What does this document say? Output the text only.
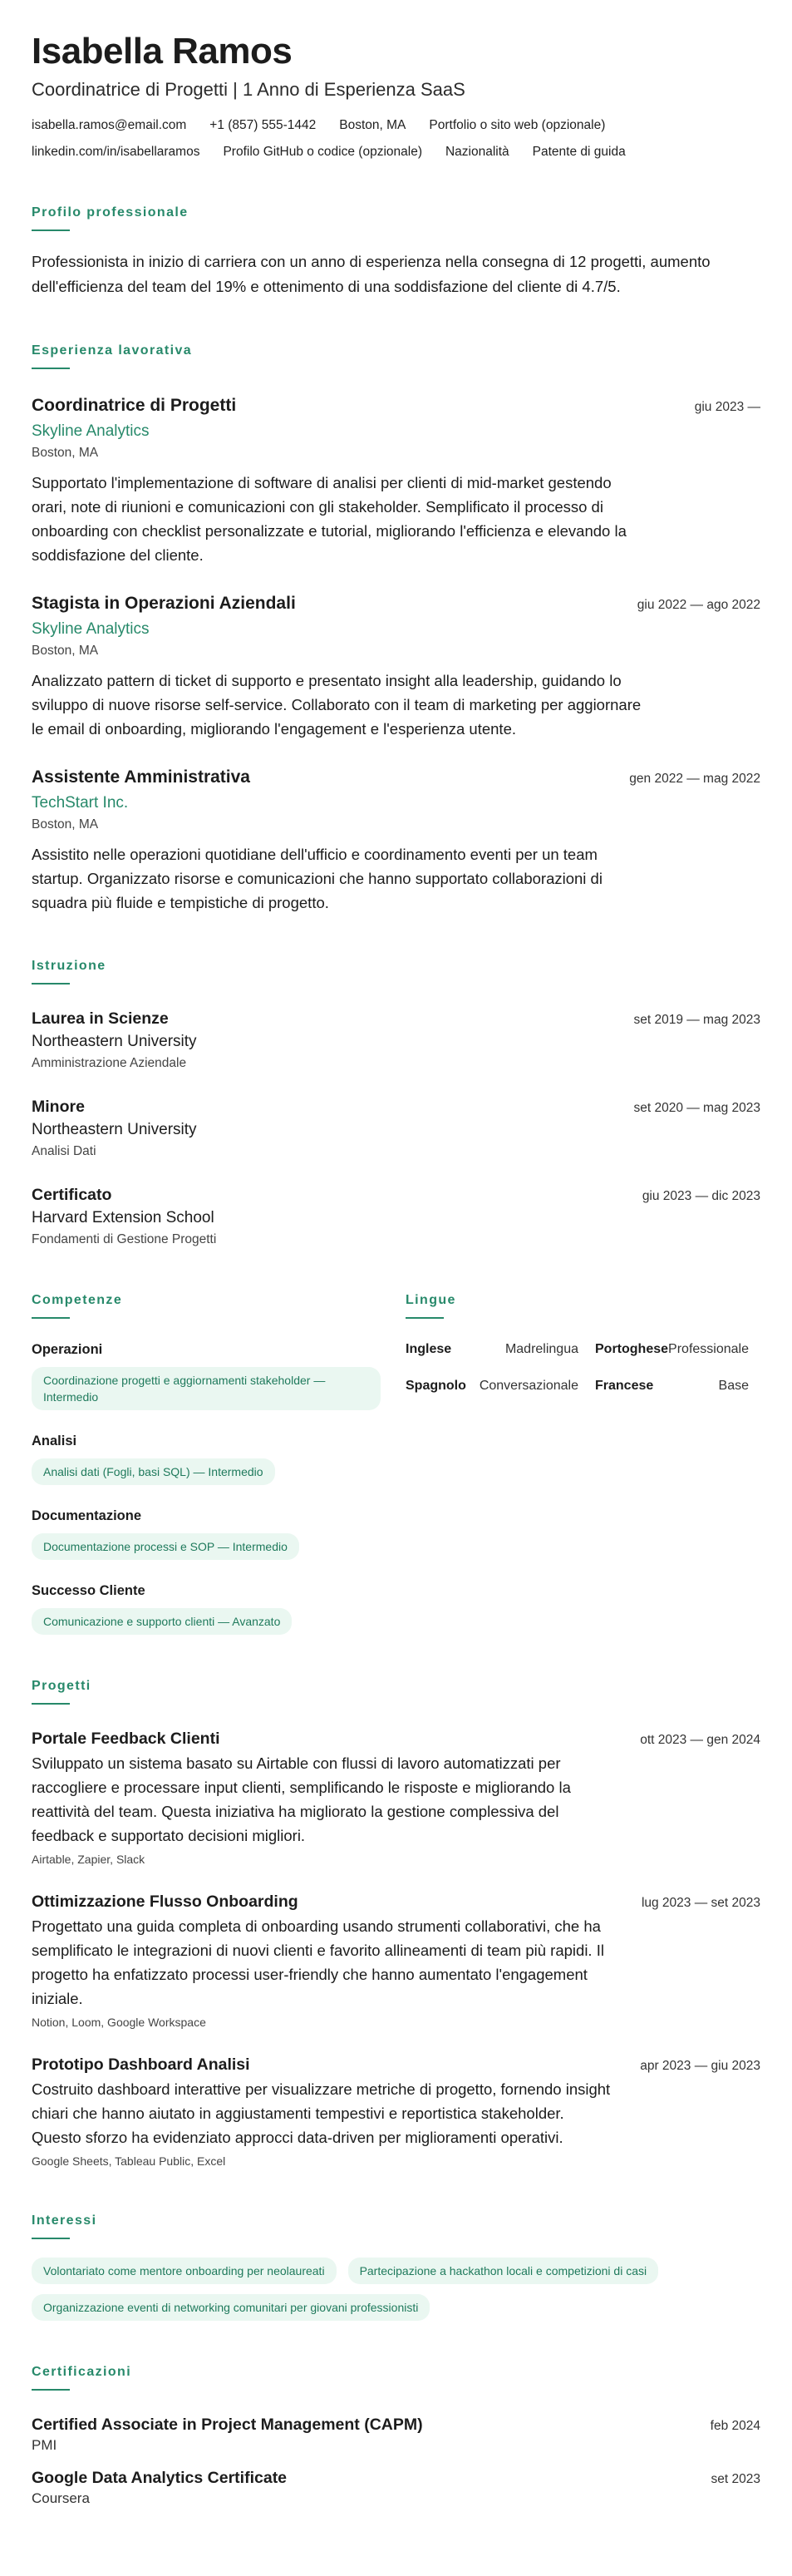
Isabella Ramos
Coordinatrice di Progetti | 1 Anno di Esperienza SaaS
isabella.ramos@email.com +1 (857) 555-1442 Boston, MA Portfolio o sito web (opzionale)
linkedin.com/in/isabellaramos Profilo GitHub o codice (opzionale) Nazionalità Patente di guida
Profilo professionale

Professionista in inizio di carriera con un anno di esperienza nella consegna di 12 progetti, aumento dell'efficienza del team del 19% e ottenimento di una soddisfazione del cliente di 4.7/5.

Esperienza lavorativa
Coordinatrice di Progetti	giu 2023 —
Skyline Analytics
Boston, MA

Supportato l'implementazione di software di analisi per clienti di mid-market gestendo orari, note di riunioni e comunicazioni con gli stakeholder. Semplificato il processo di onboarding con checklist personalizzate e tutorial, migliorando l'efficienza e elevando la soddisfazione del cliente.

Stagista in Operazioni Aziendali	giu 2022 — ago 2022
Skyline Analytics
Boston, MA

Analizzato pattern di ticket di supporto e presentato insight alla leadership, guidando lo sviluppo di nuove risorse self-service. Collaborato con il team di marketing per aggiornare le email di onboarding, migliorando l'engagement e l'esperienza utente.

Assistente Amministrativa	gen 2022 — mag 2022
TechStart Inc.
Boston, MA

Assistito nelle operazioni quotidiane dell'ufficio e coordinamento eventi per un team startup. Organizzato risorse e comunicazioni che hanno supportato collaborazioni di squadra più fluide e tempistiche di progetto.

Istruzione
Laurea in Scienze	set 2019 — mag 2023
Northeastern University
Amministrazione Aziendale
Minore	set 2020 — mag 2023
Northeastern University
Analisi Dati
Certificato	giu 2023 — dic 2023
Harvard Extension School
Fondamenti di Gestione Progetti
Competenze
Operazioni
Coordinazione progetti e aggiornamenti stakeholder — Intermedio
Analisi
Analisi dati (Fogli, basi SQL) — Intermedio
Documentazione
Documentazione processi e SOP — Intermedio
Successo Cliente
Comunicazione e supporto clienti — Avanzato
Lingue
Inglese	Madrelingua	Portoghese Professionale
Spagnolo Conversazionale	Francese	Base
Progetti
Portale Feedback Clienti	ott 2023 — gen 2024

Sviluppato un sistema basato su Airtable con flussi di lavoro automatizzati per raccogliere e processare input clienti, semplificando le risposte e migliorando la reattività del team. Questa iniziativa ha migliorato la gestione complessiva del feedback e supportato decisioni migliori.

Airtable, Zapier, Slack
Ottimizzazione Flusso Onboarding	lug 2023 — set 2023

Progettato una guida completa di onboarding usando strumenti collaborativi, che ha semplificato le integrazioni di nuovi clienti e favorito allineamenti di team più rapidi. Il progetto ha enfatizzato processi user-friendly che hanno aumentato l'engagement iniziale.

Notion, Loom, Google Workspace
Prototipo Dashboard Analisi	apr 2023 — giu 2023

Costruito dashboard interattive per visualizzare metriche di progetto, fornendo insight chiari che hanno aiutato in aggiustamenti tempestivi e reportistica stakeholder. Questo sforzo ha evidenziato approcci data-driven per miglioramenti operativi.

Google Sheets, Tableau Public, Excel
Interessi
Volontariato come mentore onboarding per neolaureati	Partecipazione a hackathon locali e competizioni di casi
Organizzazione eventi di networking comunitari per giovani professionisti
Certificazioni
Certified Associate in Project Management (CAPM)	feb 2024
PMI
Google Data Analytics Certificate	set 2023
Coursera
